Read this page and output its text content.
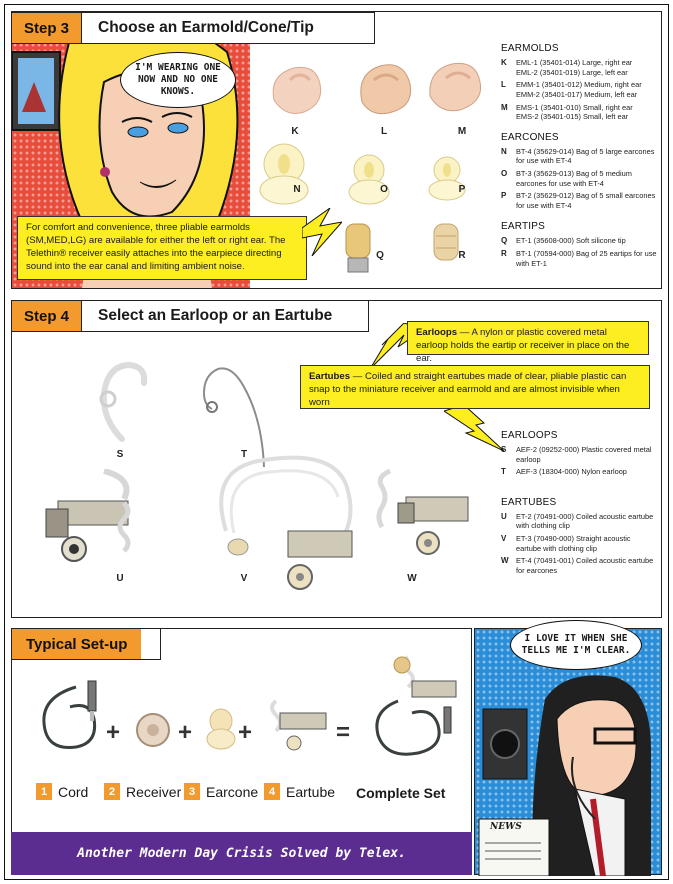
I'M WEARING ONE NOW AND NO ONE KNOWS.
For comfort and convenience, three pliable earmolds (SM,MED,LG) are available for either the left or right ear. The Telethin® receiver easily attaches into the earpiece directing sound into the ear canal and limiting ambient noise.
K	L	M
N	O	P
Q	R
EARMOLDS
K	EML-1 (35401-014) Large, right ear
EML-2 (35401-019) Large, left ear
L	EMM-1 (35401-012) Medium, right ear
EMM-2 (35401-017) Medium, left ear
M	EMS-1 (35401-010) Small, right ear
EMS-2 (35401-015) Small, left ear
EARCONES
N	BT-4 (35629-014) Bag of 5 large earcones for use with ET-4
O	BT-3 (35629-013) Bag of 5 medium earcones for use with ET-4
P	BT-2 (35629-012) Bag of 5 small earcones for use with ET-4
EARTIPS
Q	ET-1 (35608-000) Soft silicone tip
R	BT-1 (70594-000) Bag of 25 eartips for use with ET-1
Step 3	Choose an Earmold/Cone/Tip
S	T
U	V	W
Earloops — A nylon or plastic covered metal earloop holds the eartip or receiver in place on the ear.
Eartubes — Coiled and straight eartubes made of clear, pliable plastic can snap to the miniature receiver and earmold and are almost invisible when worn
EARLOOPS
S	AEF-2 (09252-000) Plastic covered metal earloop
T	AEF-3 (18304-000) Nylon earloop
EARTUBES
U	ET-2 (70491-000) Coiled acoustic eartube with clothing clip
V	ET-3 (70490-000) Straight acoustic eartube with clothing clip
W	ET-4 (70491-001) Coiled acoustic eartube for earcones
Step 4	Select an Earloop or an Eartube
+ + +	=
1 Cord	2 Receiver 3 Earcone 4 Eartube Complete Set
Typical Set-up
NEWS
I LOVE IT WHEN SHE TELLS ME I'M CLEAR.
Another Modern Day Crisis Solved by Telex.
